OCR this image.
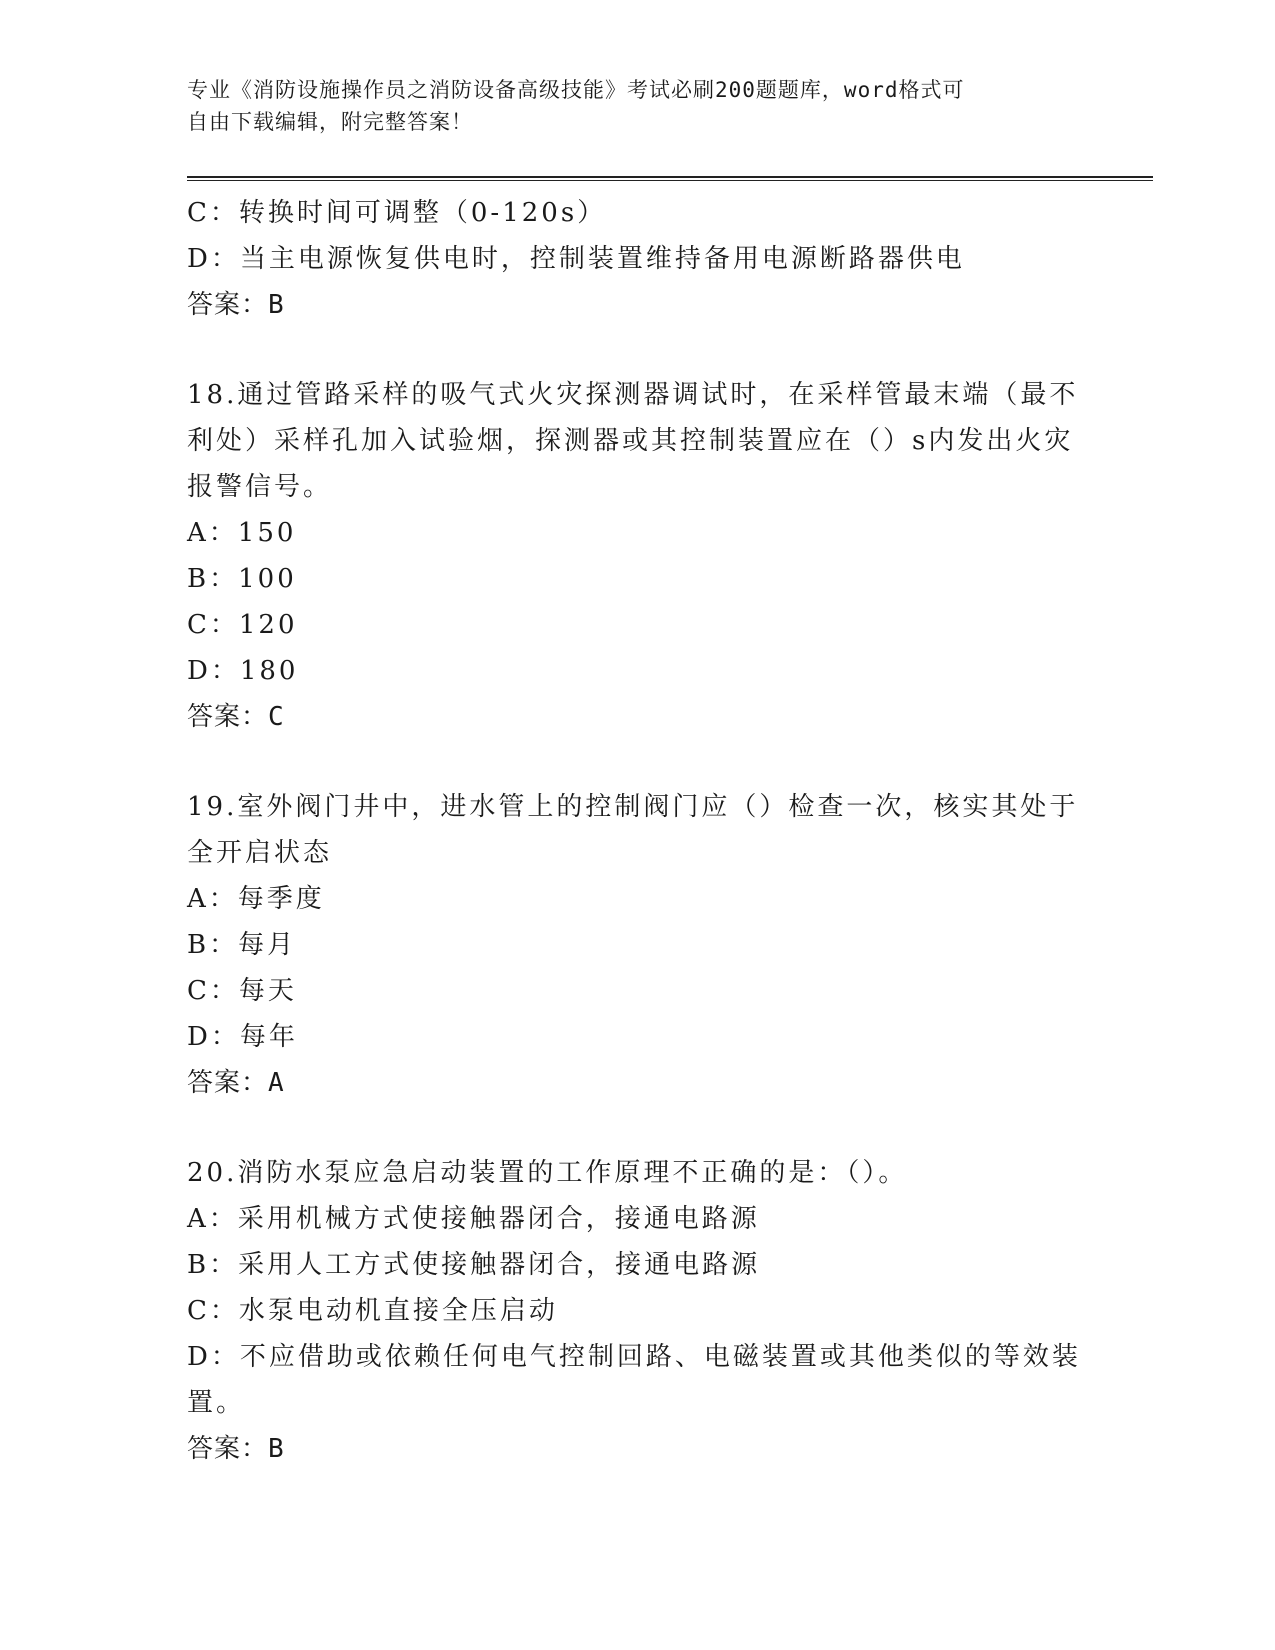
专业《消防设施操作员之消防设备高级技能》考试必刷200题题库，word格式可
自由下载编辑，附完整答案！
C：转换时间可调整（0-120s）
D：当主电源恢复供电时，控制装置维持备用电源断路器供电
答案：B
18.通过管路采样的吸气式火灾探测器调试时，在采样管最末端（最不
利处）采样孔加入试验烟，探测器或其控制装置应在（）s内发出火灾
报警信号。
A：150
B：100
C：120
D：180
答案：C
19.室外阀门井中，进水管上的控制阀门应（）检查一次，核实其处于
全开启状态
A：每季度
B：每月
C：每天
D：每年
答案：A
20.消防水泵应急启动装置的工作原理不正确的是：（）。
A：采用机械方式使接触器闭合，接通电路源
B：采用人工方式使接触器闭合，接通电路源
C：水泵电动机直接全压启动
D：不应借助或依赖任何电气控制回路、电磁装置或其他类似的等效装
置。
答案：B
